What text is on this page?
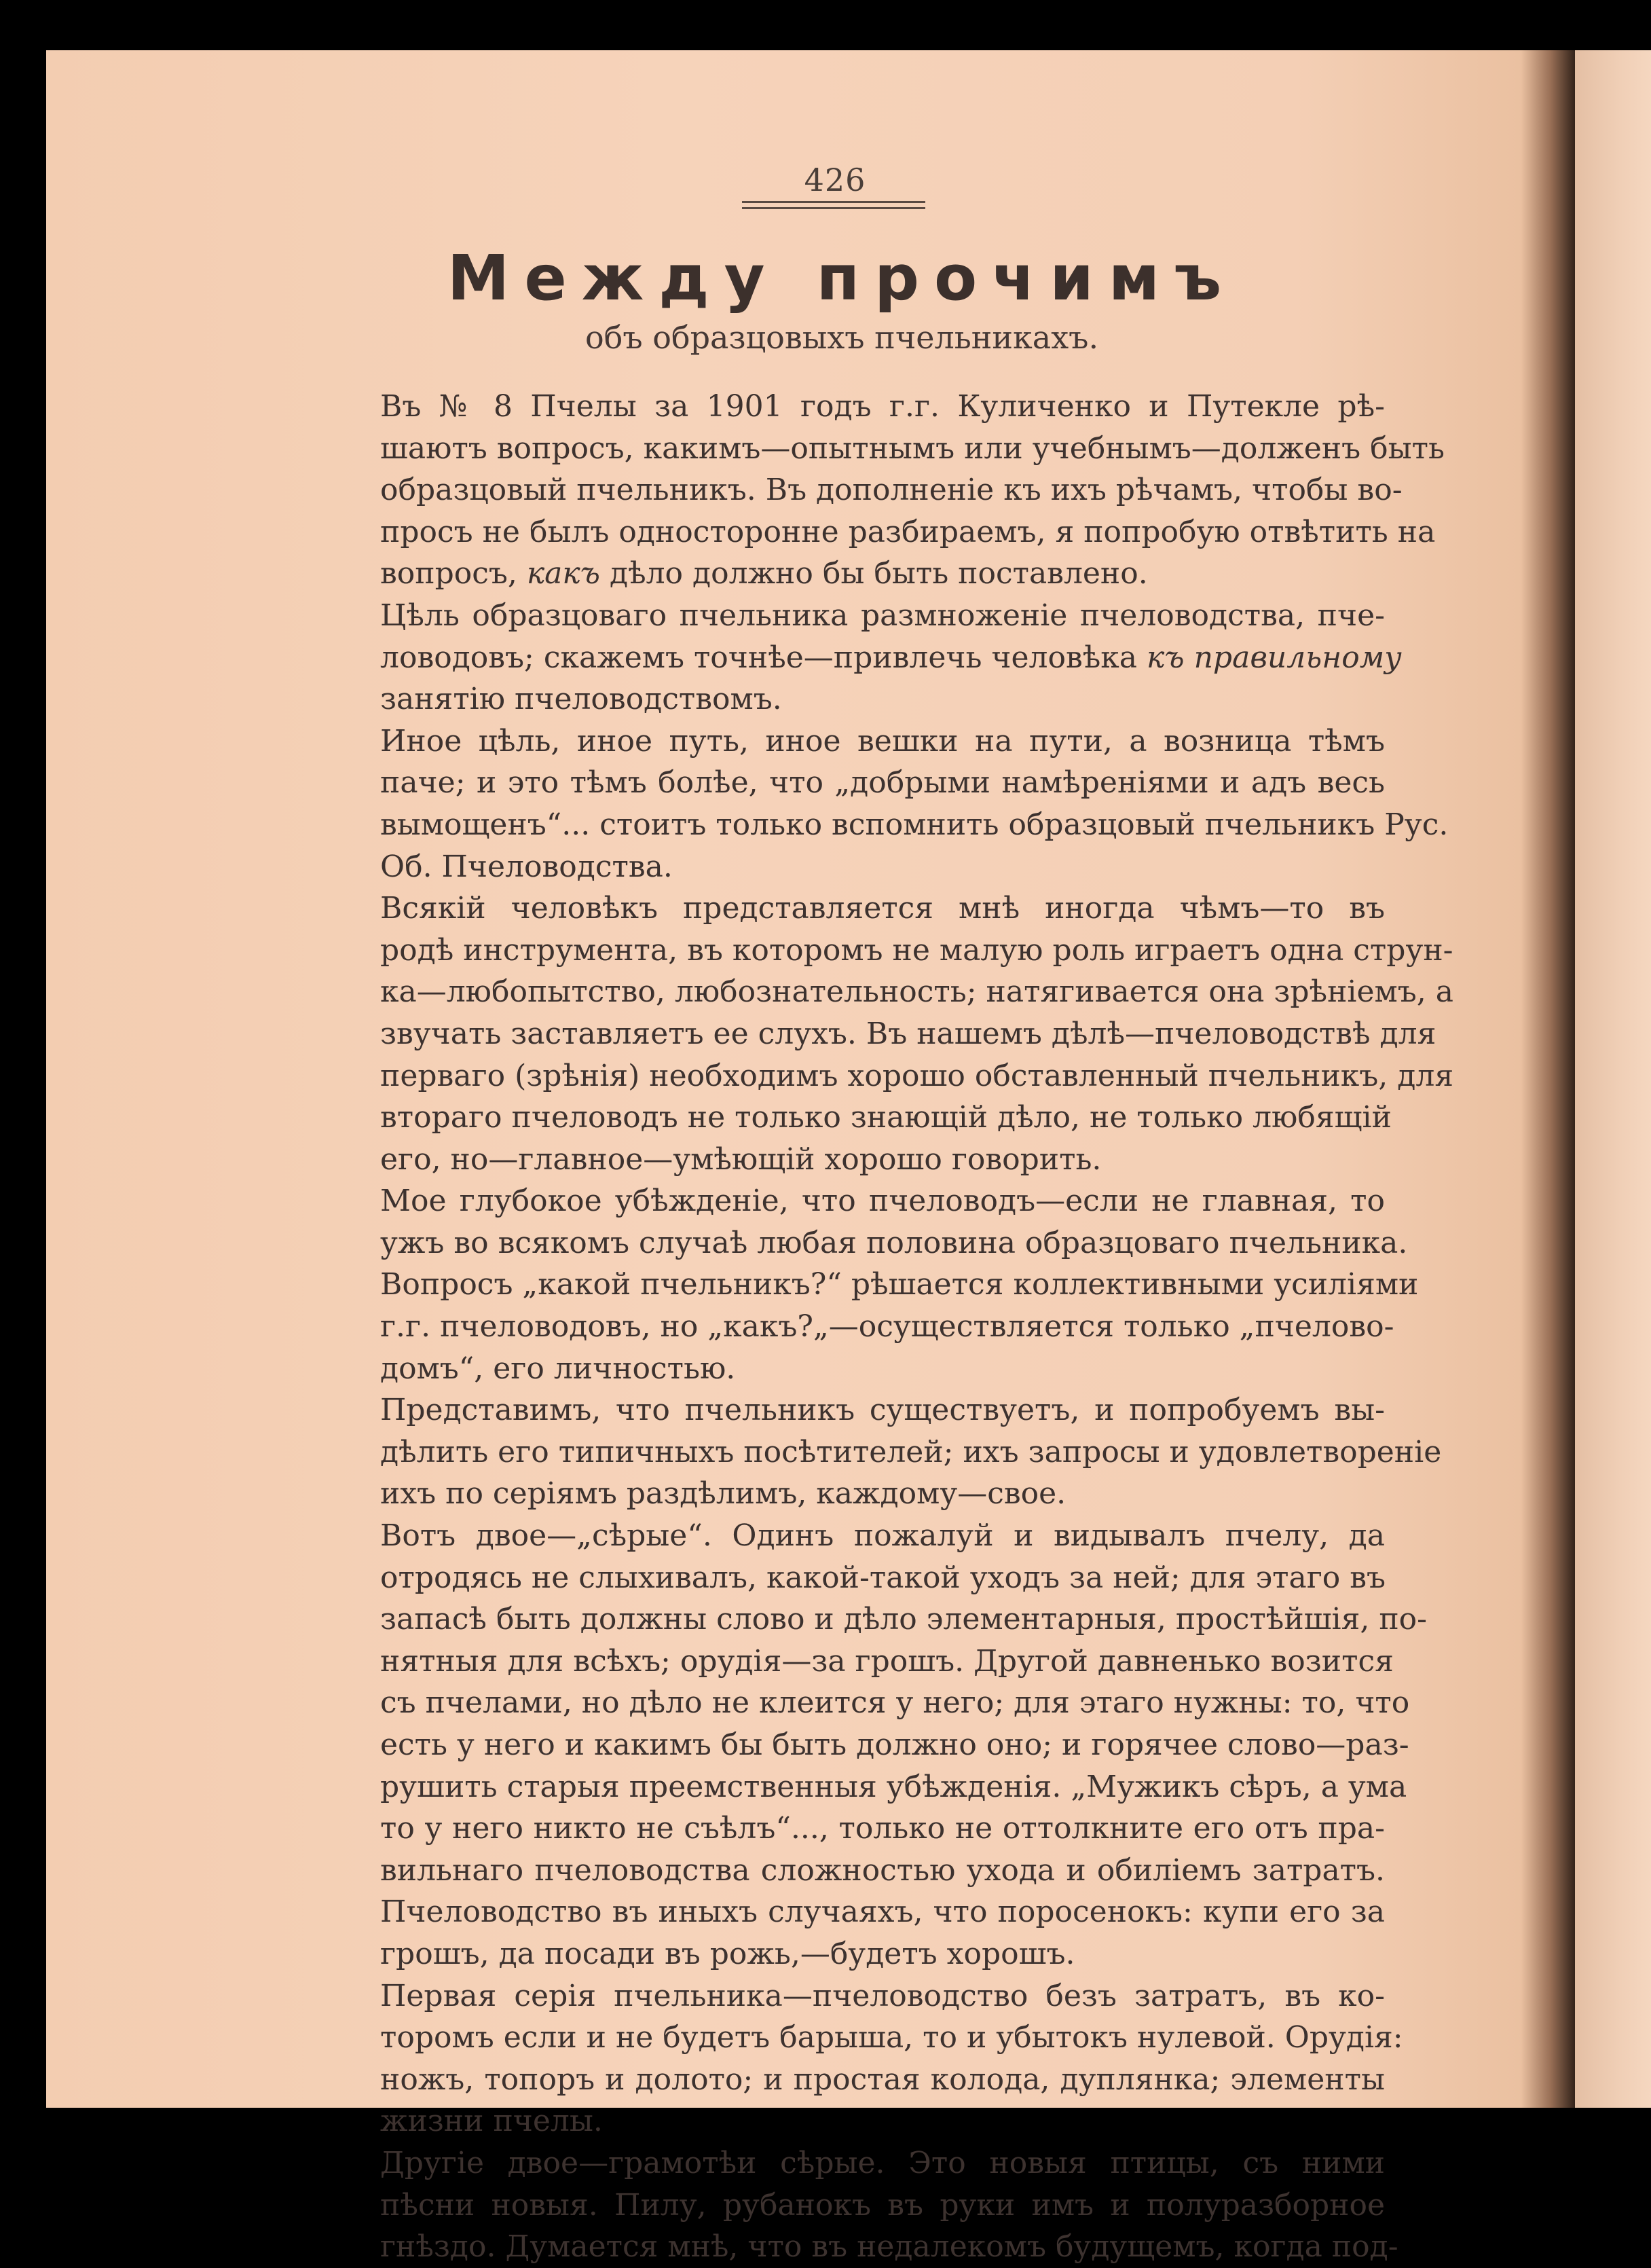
426
Между прочимъ
объ образцовыхъ пчельникахъ.

Въ № 8 Пчелы за 1901 годъ г.г. Куличенко и Путекле рѣ-
шаютъ вопросъ, какимъ—опытнымъ или учебнымъ—долженъ быть
образцовый пчельникъ. Въ дополненіе къ ихъ рѣчамъ, чтобы во-
просъ не былъ односторонне разбираемъ, я попробую отвѣтить на
вопросъ, какъ дѣло должно бы быть поставлено.

Цѣль образцоваго пчельника размноженіе пчеловодства, пче-
ловодовъ; скажемъ точнѣе—привлечь человѣка къ правильному
занятію пчеловодствомъ.

Иное цѣль, иное путь, иное вешки на пути, а возница тѣмъ
паче; и это тѣмъ болѣе, что „добрыми намѣреніями и адъ весь
вымощенъ“... стоитъ только вспомнить образцовый пчельникъ Рус.
Об. Пчеловодства.

Всякій человѣкъ представляется мнѣ иногда чѣмъ—то въ
родѣ инструмента, въ которомъ не малую роль играетъ одна струн-
ка—любопытство, любознательность; натягивается она зрѣніемъ, а
звучать заставляетъ ее слухъ. Въ нашемъ дѣлѣ—пчеловодствѣ для
перваго (зрѣнія) необходимъ хорошо обставленный пчельникъ, для
втораго пчеловодъ не только знающій дѣло, не только любящій
его, но—главное—умѣющій хорошо говорить.

Мое глубокое убѣжденіе, что пчеловодъ—если не главная, то
ужъ во всякомъ случаѣ любая половина образцоваго пчельника.
Вопросъ „какой пчельникъ?“ рѣшается коллективными усиліями
г.г. пчеловодовъ, но „какъ?„—осуществляется только „пчелово-
домъ“, его личностью.

Представимъ, что пчельникъ существуетъ, и попробуемъ вы-
дѣлить его типичныхъ посѣтителей; ихъ запросы и удовлетвореніе
ихъ по серіямъ раздѣлимъ, каждому—свое.

Вотъ двое—„сѣрые“. Одинъ пожалуй и видывалъ пчелу, да
отродясь не слыхивалъ, какой-такой уходъ за ней; для этаго въ
запасѣ быть должны слово и дѣло элементарныя, простѣйшія, по-
нятныя для всѣхъ; орудія—за грошъ. Другой давненько возится
съ пчелами, но дѣло не клеится у него; для этаго нужны: то, что
есть у него и какимъ бы быть должно оно; и горячее слово—раз-
рушить старыя преемственныя убѣжденія. „Мужикъ сѣръ, а ума
то у него никто не съѣлъ“..., только не оттолкните его отъ пра-
вильнаго пчеловодства сложностью ухода и обиліемъ затратъ.
Пчеловодство въ иныхъ случаяхъ, что поросенокъ: купи его за
грошъ, да посади въ рожь,—будетъ хорошъ.

Первая серія пчельника—пчеловодство безъ затратъ, въ ко-
торомъ если и не будетъ барыша, то и убытокъ нулевой. Орудія:
ножъ, топоръ и долото; и простая колода, дуплянка; элементы
жизни пчелы.

Другіе двое—грамотѣи сѣрые. Это новыя птицы, съ ними
пѣсни новыя. Пилу, рубанокъ въ руки имъ и полуразборное
гнѣздо. Думается мнѣ, что въ недалекомъ будущемъ, когда под-
